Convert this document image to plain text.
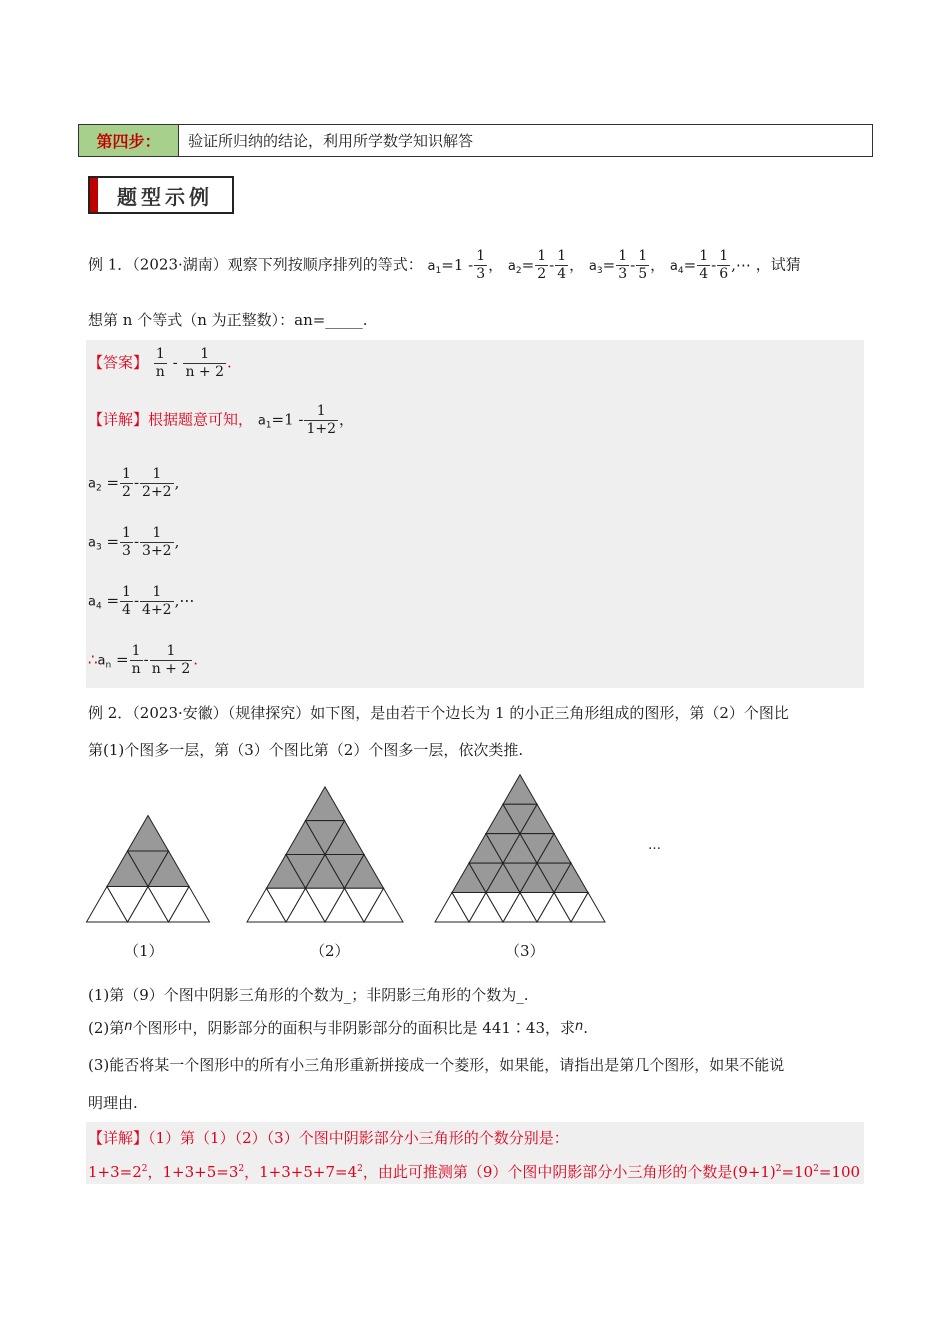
第四步：	验证所归纳的结论，利用所学数学知识解答
题型示例
例 1．（2023·湖南）观察下列按顺序排列的等式： $a_1=1 - \frac{1}{3}$ ， $a_2= \frac{1}{2} - \frac{1}{4}$ ， $a_3= \frac{1}{3} - \frac{1}{5}$ ， $a_4= \frac{1}{4} - \frac{1}{6}$ ,⋯ ，试猜
想第 n 个等式（n 为正整数）：an=_____.
【答案】 $\frac{1}{n} - \frac{1}{n + 2}$ .
【详解】根据题意可知， $a_1=1 - \frac{1}{1+2}$ ，
$a_2 = \frac{1}{2} - \frac{1}{2+2}$ ,
$a_3 = \frac{1}{3} - \frac{1}{3+2}$ ,
$a_4 = \frac{1}{4} - \frac{1}{4+2}$ ,⋯
$\therefore a_n = \frac{1}{n} - \frac{1}{n + 2}$ .
例 2．（2023·安徽）（规律探究）如下图，是由若干个边长为 1 的小正三角形组成的图形，第（2）个图比
第(1)个图多一层，第（3）个图比第（2）个图多一层，依次类推.
（1）	（2）	（3）
…
(1)第（9）个图中阴影三角形的个数为_；非阴影三角形的个数为_.
(2)第n个图形中，阴影部分的面积与非阴影部分的面积比是 441∶43，求n.
(3)能否将某一个图形中的所有小三角形重新拼接成一个菱形，如果能，请指出是第几个图形，如果不能说
明理由.
【详解】（1）第（1）（2）（3）个图中阴影部分小三角形的个数分别是：
$1+3=2^2$，$1+3+5=3^2$，$1+3+5+7=4^2$，由此可推测第（9）个图中阴影部分小三角形的个数是$(9+1)^2=10^2=100$
